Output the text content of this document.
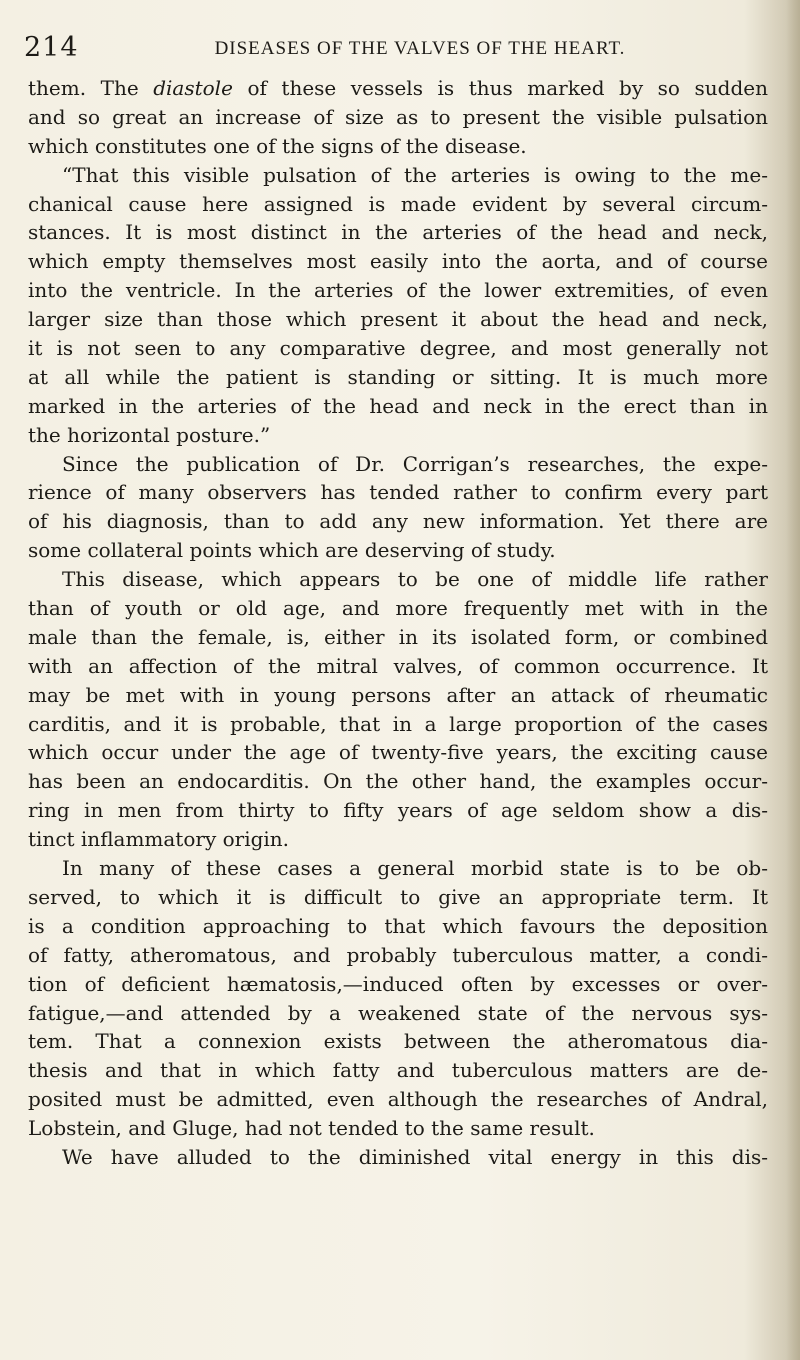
214	DISEASES OF THE VALVES OF THE HEART.
them. The diastole of these vessels is thus marked by so sudden
and so great an increase of size as to present the visible pulsation
which constitutes one of the signs of the disease.
“That this visible pulsation of the arteries is owing to the me-
chanical cause here assigned is made evident by several circum-
stances. It is most distinct in the arteries of the head and neck,
which empty themselves most easily into the aorta, and of course
into the ventricle. In the arteries of the lower extremities, of even
larger size than those which present it about the head and neck,
it is not seen to any comparative degree, and most generally not
at all while the patient is standing or sitting. It is much more
marked in the arteries of the head and neck in the erect than in
the horizontal posture.”
Since the publication of Dr. Corrigan’s researches, the expe-
rience of many observers has tended rather to confirm every part
of his diagnosis, than to add any new information. Yet there are
some collateral points which are deserving of study.
This disease, which appears to be one of middle life rather
than of youth or old age, and more frequently met with in the
male than the female, is, either in its isolated form, or combined
with an affection of the mitral valves, of common occurrence. It
may be met with in young persons after an attack of rheumatic
carditis, and it is probable, that in a large proportion of the cases
which occur under the age of twenty-five years, the exciting cause
has been an endocarditis. On the other hand, the examples occur-
ring in men from thirty to fifty years of age seldom show a dis-
tinct inflammatory origin.
In many of these cases a general morbid state is to be ob-
served, to which it is difficult to give an appropriate term. It
is a condition approaching to that which favours the deposition
of fatty, atheromatous, and probably tuberculous matter, a condi-
tion of deficient hæmatosis,—induced often by excesses or over-
fatigue,—and attended by a weakened state of the nervous sys-
tem. That a connexion exists between the atheromatous dia-
thesis and that in which fatty and tuberculous matters are de-
posited must be admitted, even although the researches of Andral,
Lobstein, and Gluge, had not tended to the same result.
We have alluded to the diminished vital energy in this dis-
